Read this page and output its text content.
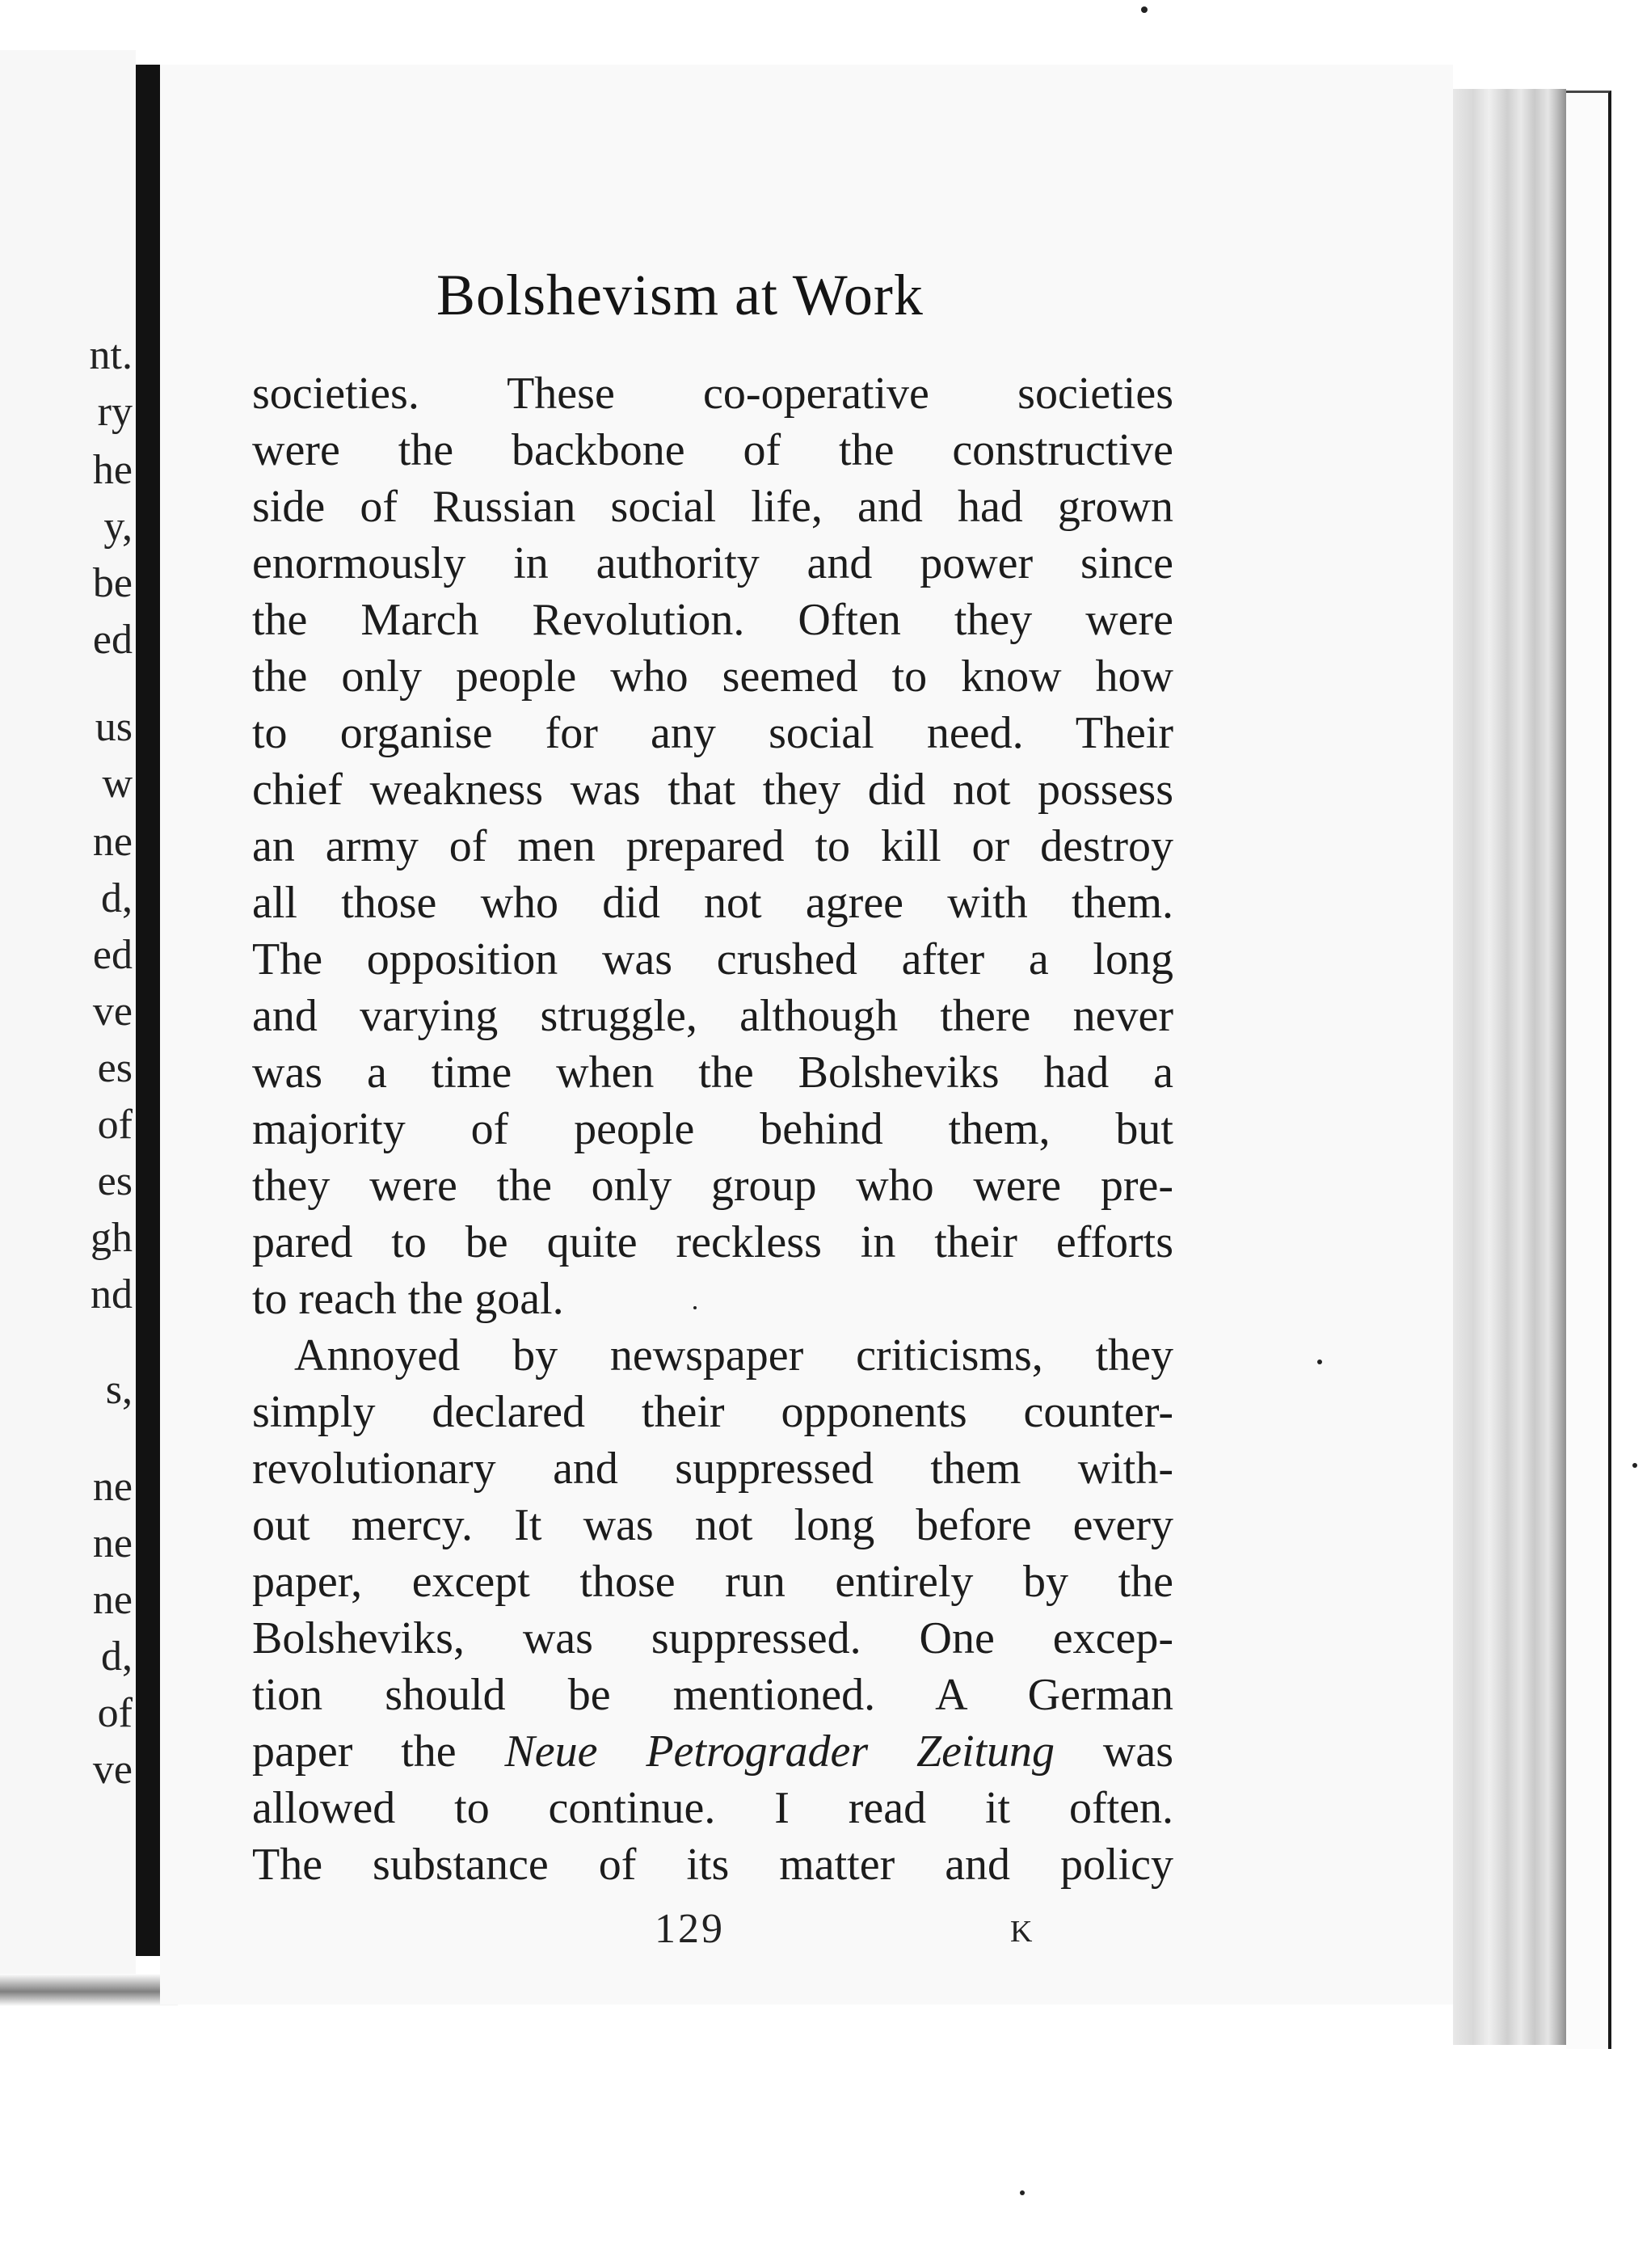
nt.
ry
he
y,
be
ed
us
w
ne
d,
ed
ve
es
of
es
gh
nd
s,
ne
ne
ne
d,
of
ve
Bolshevism at Work
societies. These co-operative societies
were the backbone of the constructive
side of Russian social life, and had grown
enormously in authority and power since
the March Revolution. Often they were
the only people who seemed to know how
to organise for any social need. Their
chief weakness was that they did not possess
an army of men prepared to kill or destroy
all those who did not agree with them.
The opposition was crushed after a long
and varying struggle, although there never
was a time when the Bolsheviks had a
majority of people behind them, but
they were the only group who were pre-
pared to be quite reckless in their efforts
to reach the goal.
Annoyed by newspaper criticisms, they
simply declared their opponents counter-
revolutionary and suppressed them with-
out mercy. It was not long before every
paper, except those run entirely by the
Bolsheviks, was suppressed. One excep-
tion should be mentioned. A German
paper the Neue Petrograder Zeitung was
allowed to continue. I read it often.
The substance of its matter and policy
129	K
